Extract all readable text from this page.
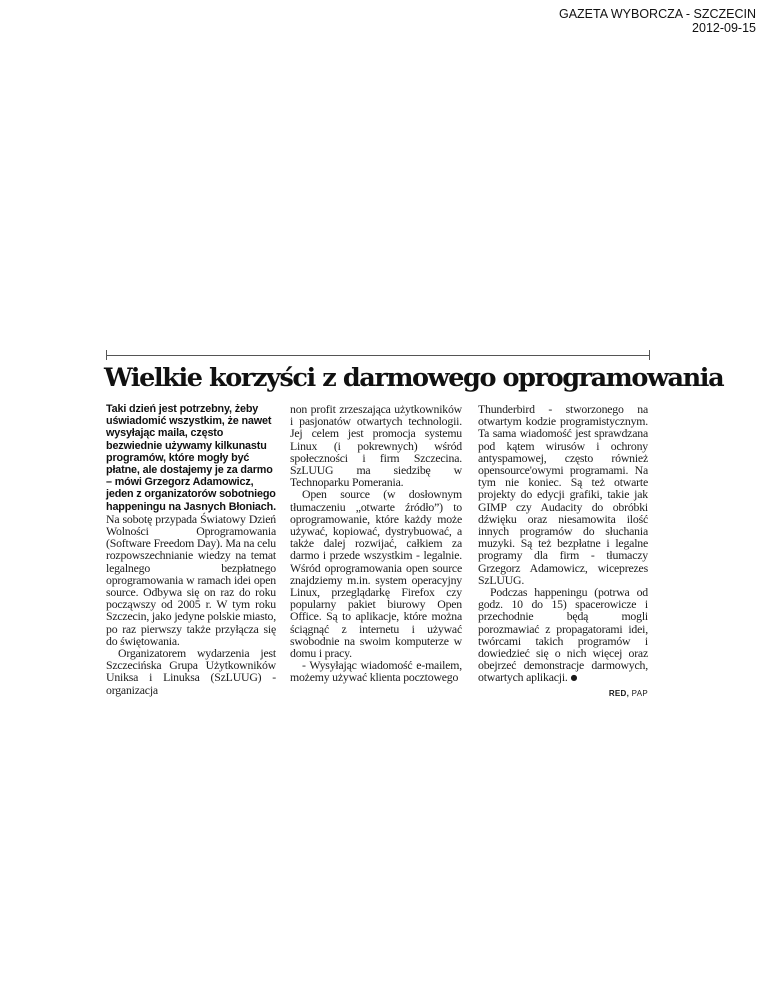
GAZETA WYBORCZA - SZCZECIN
2012-09-15
Wielkie korzyści z darmowego oprogramowania

Taki dzień jest potrzebny, żeby uświadomić wszystkim, że nawet wysyłając maila, często bezwiednie używamy kilkunastu programów, które mogły być płatne, ale dostajemy je za darmo – mówi Grzegorz Adamowicz, jeden z organizatorów sobotniego happeningu na Jasnych Błoniach.

Na sobotę przypada Światowy Dzień Wolności Oprogramowania (Software Freedom Day). Ma na celu rozpowszechnianie wiedzy na temat legalnego bezpłatnego oprogramowania w ramach idei open source. Odbywa się on raz do roku począwszy od 2005 r. W tym roku Szczecin, jako jedyne polskie miasto, po raz pierwszy także przyłącza się do świętowania.

Organizatorem wydarzenia jest Szczecińska Grupa Użytkowników Uniksa i Linuksa (SzLUUG) - organizacja

non profit zrzeszająca użytkowników i pasjonatów otwartych technologii. Jej celem jest promocja systemu Linux (i pokrewnych) wśród społeczności i firm Szczecina. SzLUUG ma siedzibę w Technoparku Pomerania.

Open source (w dosłownym tłumaczeniu „otwarte źródło”) to oprogramowanie, które każdy może używać, kopiować, dystrybuować, a także dalej rozwijać, całkiem za darmo i przede wszystkim - legalnie. Wśród oprogramowania open source znajdziemy m.in. system operacyjny Linux, przeglądarkę Firefox czy popularny pakiet biurowy Open Office. Są to aplikacje, które można ściągnąć z internetu i używać swobodnie na swoim komputerze w domu i pracy.

- Wysyłając wiadomość e-mailem, możemy używać klienta pocztowego

Thunderbird - stworzonego na otwartym kodzie programistycznym. Ta sama wiadomość jest sprawdzana pod kątem wirusów i ochrony antyspamowej, często również opensource'owymi programami. Na tym nie koniec. Są też otwarte projekty do edycji grafiki, takie jak GIMP czy Audacity do obróbki dźwięku oraz niesamowita ilość innych programów do słuchania muzyki. Są też bezpłatne i legalne programy dla firm - tłumaczy Grzegorz Adamowicz, wiceprezes SzLUUG.

Podczas happeningu (potrwa od godz. 10 do 15) spacerowicze i przechodnie będą mogli porozmawiać z propagatorami idei, twórcami takich programów i dowiedzieć się o nich więcej oraz obejrzeć demonstracje darmowych, otwartych aplikacji. ●

RED, PAP
